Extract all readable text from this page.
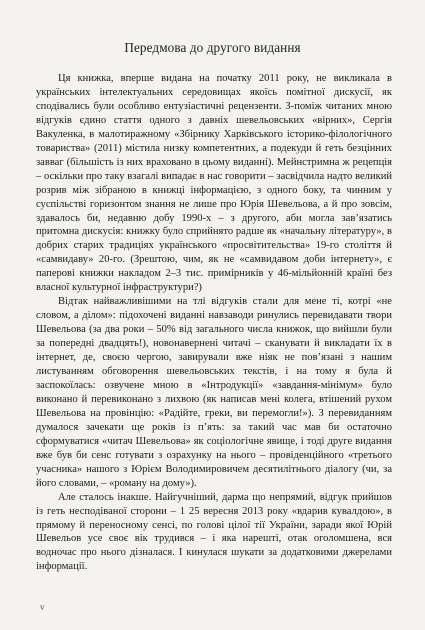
Передмова до другого видання

Ця книжка, вперше видана на початку 2011 року, не викликала в українських інтелектуальних середовищах якоїсь помітної дискусії, як сподівались були особливо ентузіастичні рецензенти. З-поміж читаних мною відгуків єдино стаття одного з давніх шевельовських «вірних», Сергія Вакуленка, в малотиражному «Збірнику Харківського історико-філологічного товариства» (2011) містила низку компетентних, а подекуди й геть безцінних завваг (більшість із них враховано в цьому виданні). Мейнстримна ж рецепція – оскільки про таку взагалі випадає в нас говорити – засвідчила надто великий розрив між зібраною в книжці інформацією, з одного боку, та чинним у суспільстві горизонтом знання не лише про Юрія Шевельова, а й про зовсім, здавалось би, недавню добу 1990-х – з другого, аби могла зав’язатись притомна дискусія: книжку було сприйнято радше як «начальну літературу», в добрих старих традиціях українського «просвітительства» 19-го століття й «самвидаву» 20-го. (Зрештою, чим, як не «самвидавом доби інтернету», є паперові книжки накладом 2–3 тис. примірників у 46-мільйонній країні без власної культурної інфраструктури?)

Відтак найважливішими на тлі відгуків стали для мене ті, котрі «не словом, а ділом»: підохочені виданні навзаводи ринулись перевидавати твори Шевельова (за два роки – 50% від загального числа книжок, що вийшли були за попередні двадцять!), новонавернені читачі – сканувати й викладати їх в інтернет, де, своєю чергою, завирували вже ніяк не пов’язані з нашим листуванням обговорення шевельовських текстів, і на тому я була й заспокоїлась: озвучене мною в «Інтродукції» «завдання-мінімум» було виконано й перевиконано з лихвою (як написав мені колега, втішений рухом Шевельова на провінцію: «Радійте, греки, ви перемогли!»). З перевиданням думалося зачекати ще років із п’ять: за такий час мав би остаточно сформуватися «читач Шевельова» як соціологічне явище, і тоді друге видання вже був би сенс готувати з озрахунку на нього – провіденційного «третього учасника» нашого з Юрієм Володимировичем десятилітнього діалогу (чи, за його словами, – «роману на дому»).

Але сталось інакше. Найгучніший, дарма що непрямий, відгук прийшов із геть несподіваної сторони – 1 25 вересня 2013 року «вдарив кувалдою», в прямому й переносному сенсі, по голові цілої тії України, заради якої Юрій Шевельов усе своє вік трудився – і яка нарешті, отак оголомшена, вся водночас про нього дізналася. І кинулася шукати за додатковими джерелами інформації.

v
